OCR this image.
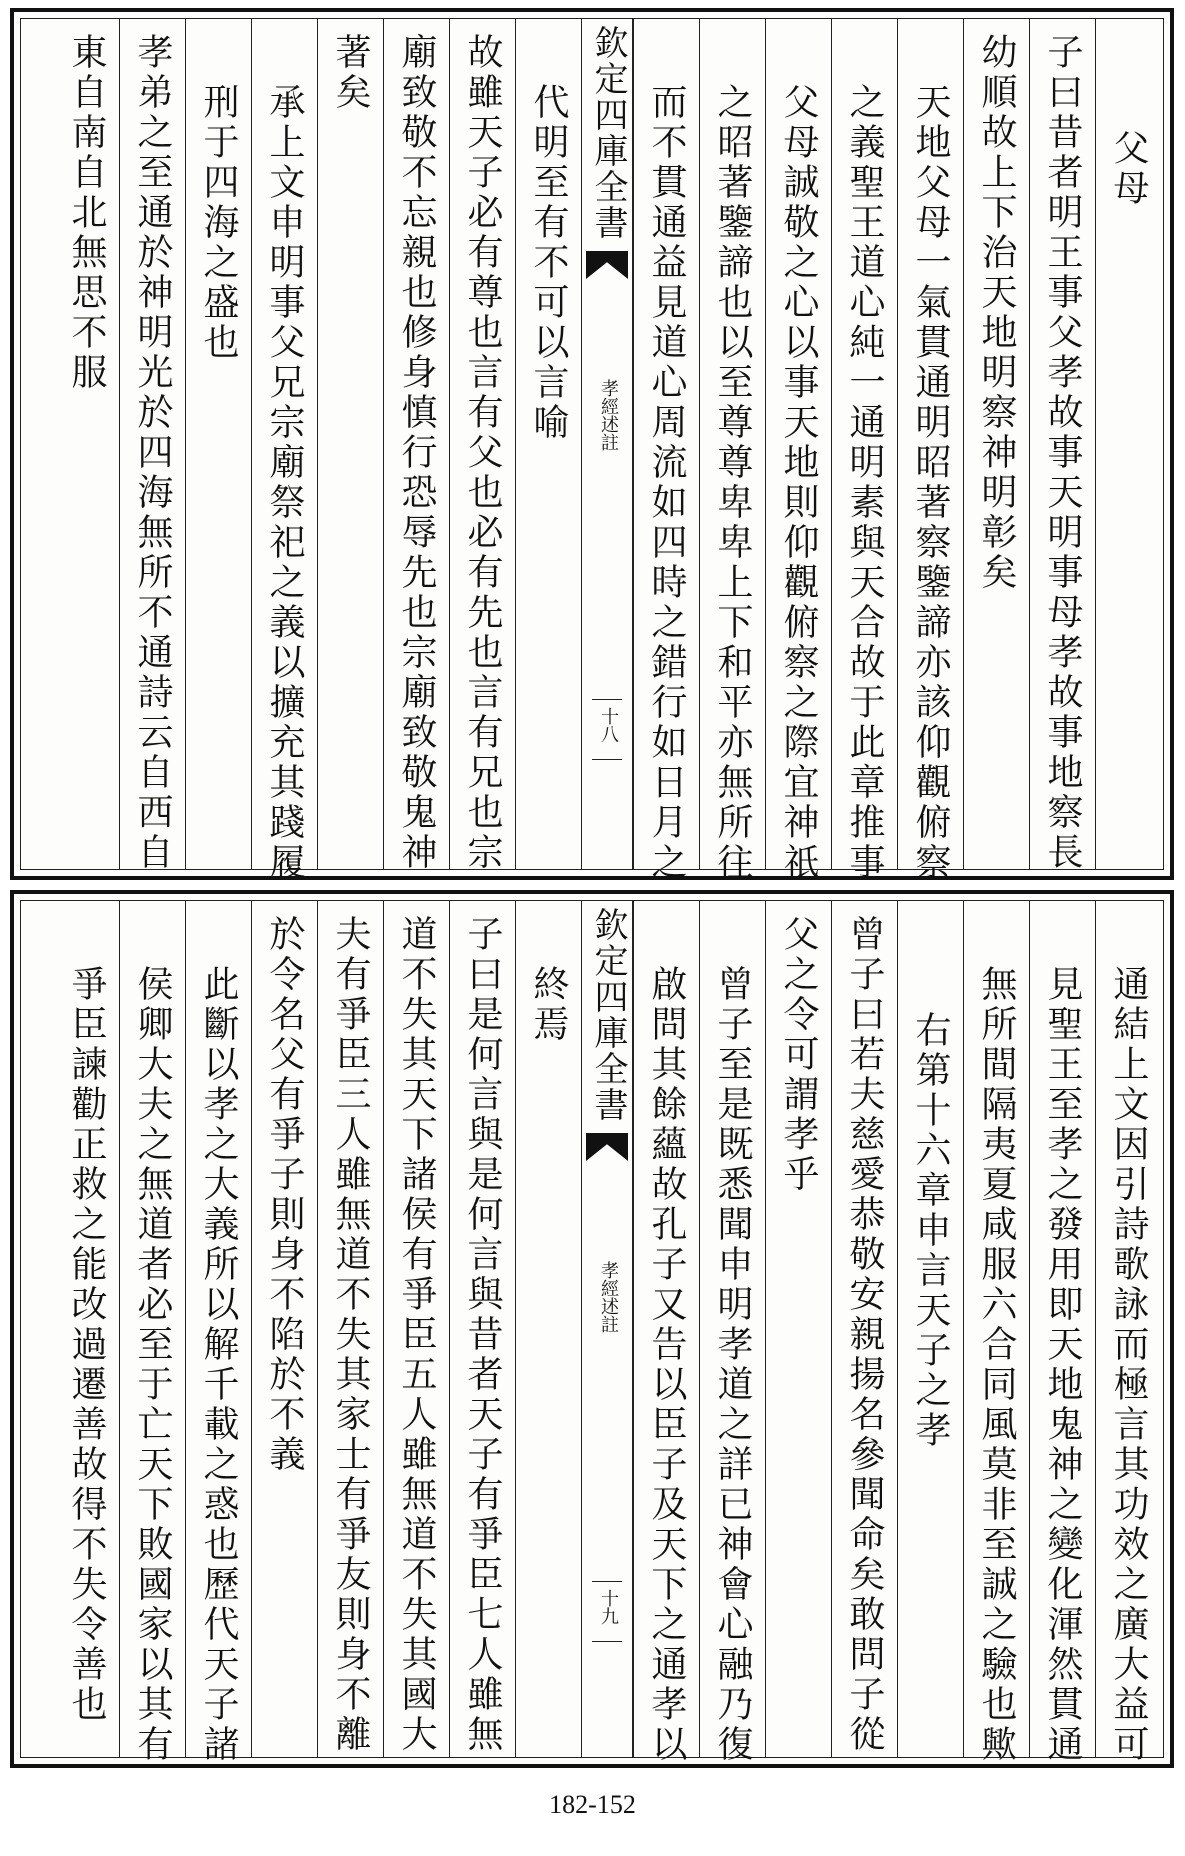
父母
子曰昔者明王事父孝故事天明事母孝故事地察長
幼順故上下治天地明察神明彰矣
天地父母一氣貫通明昭著察鑒諦亦該仰觀俯察
之義聖王道心純一通明素與天合故于此章推事
父母誠敬之心以事天地則仰觀俯察之際宜神祇
之昭著鑒諦也以至尊尊卑卑上下和平亦無所往
而不貫通益見道心周流如四時之錯行如日月之
欽定四庫全書
孝經述註
十八
代明至有不可以言喻
故雖天子必有尊也言有父也必有先也言有兄也宗
廟致敬不忘親也修身慎行恐辱先也宗廟致敬鬼神
著矣
承上文申明事父兄宗廟祭祀之義以擴充其踐履
刑于四海之盛也
孝弟之至通於神明光於四海無所不通詩云自西自
東自南自北無思不服
通結上文因引詩歌詠而極言其功效之廣大益可
見聖王至孝之發用即天地鬼神之變化渾然貫通
無所間隔夷夏咸服六合同風莫非至誠之驗也歟
右第十六章申言天子之孝
曾子曰若夫慈愛恭敬安親揚名參聞命矣敢問子從
父之令可謂孝乎
曾子至是既悉聞申明孝道之詳已神會心融乃復
啟問其餘蘊故孔子又告以臣子及天下之通孝以
欽定四庫全書
孝經述註
十九
終焉
子曰是何言與是何言與昔者天子有爭臣七人雖無
道不失其天下諸侯有爭臣五人雖無道不失其國大
夫有爭臣三人雖無道不失其家士有爭友則身不離
於令名父有爭子則身不陷於不義
此斷以孝之大義所以解千載之惑也歷代天子諸
侯卿大夫之無道者必至于亡天下敗國家以其有
爭臣諫勸正救之能改過遷善故得不失令善也
182-152
